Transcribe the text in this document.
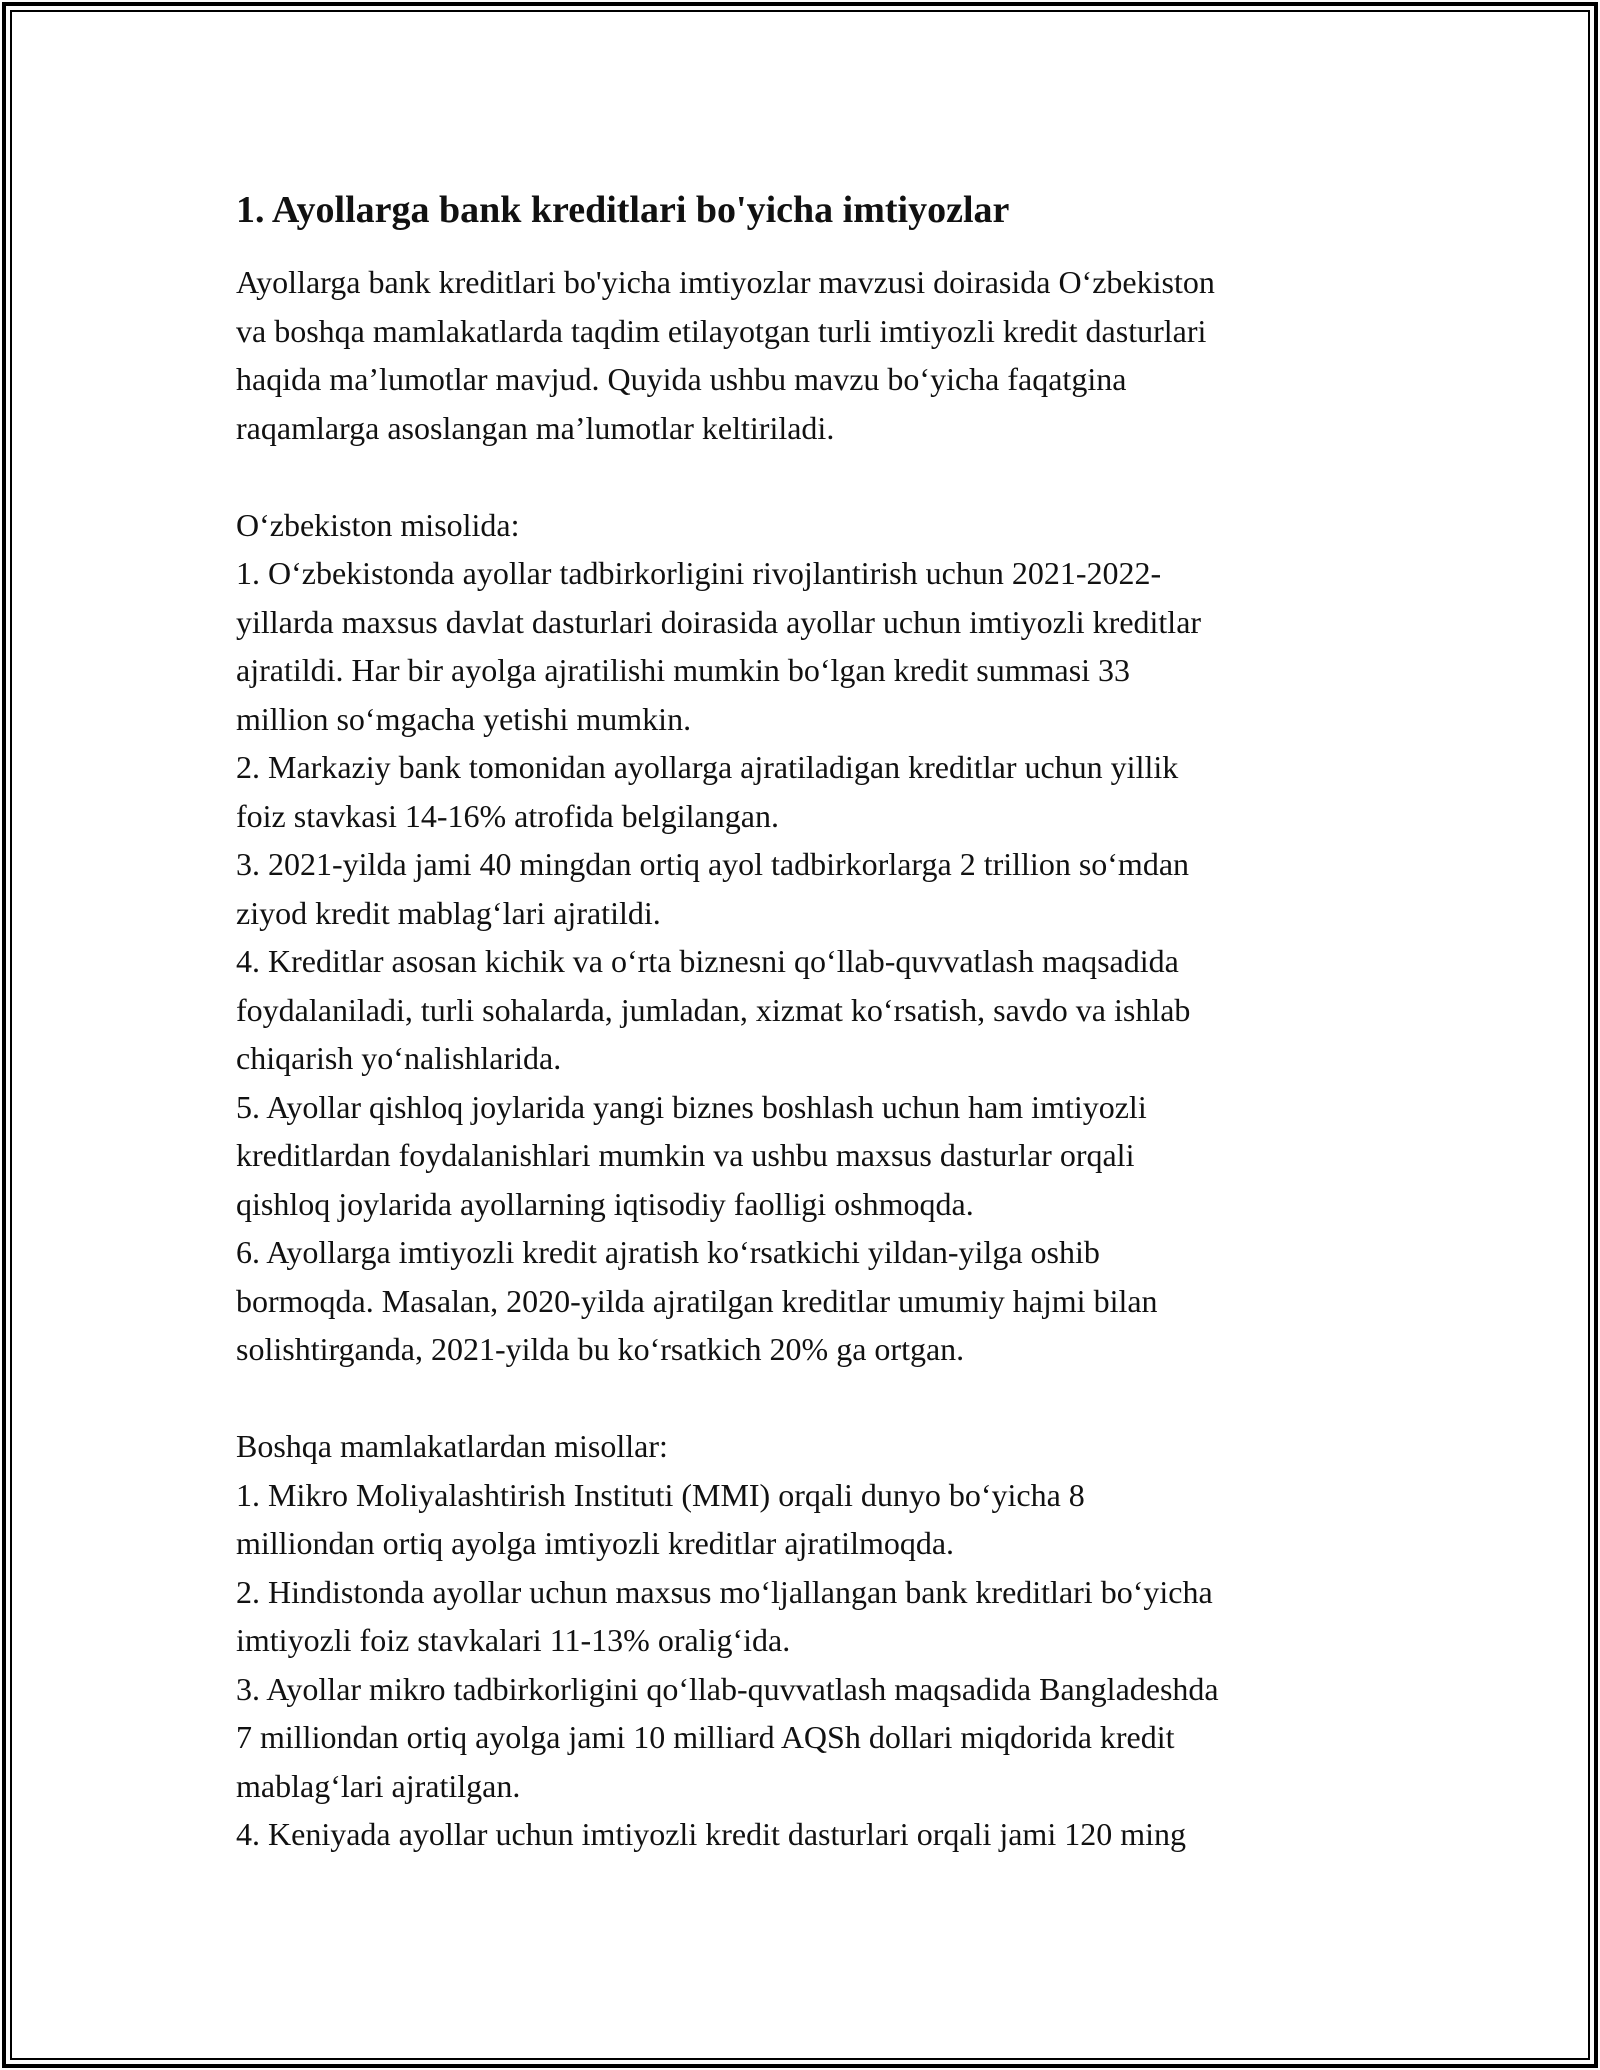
1. Ayollarga bank kreditlari bo'yicha imtiyozlar
Ayollarga bank kreditlari bo'yicha imtiyozlar mavzusi doirasida O‘zbekiston
va boshqa mamlakatlarda taqdim etilayotgan turli imtiyozli kredit dasturlari
haqida ma’lumotlar mavjud. Quyida ushbu mavzu bo‘yicha faqatgina
raqamlarga asoslangan ma’lumotlar keltiriladi.
O‘zbekiston misolida:
1. O‘zbekistonda ayollar tadbirkorligini rivojlantirish uchun 2021-2022-
yillarda maxsus davlat dasturlari doirasida ayollar uchun imtiyozli kreditlar
ajratildi. Har bir ayolga ajratilishi mumkin bo‘lgan kredit summasi 33
million so‘mgacha yetishi mumkin.
2. Markaziy bank tomonidan ayollarga ajratiladigan kreditlar uchun yillik
foiz stavkasi 14-16% atrofida belgilangan.
3. 2021-yilda jami 40 mingdan ortiq ayol tadbirkorlarga 2 trillion so‘mdan
ziyod kredit mablag‘lari ajratildi.
4. Kreditlar asosan kichik va o‘rta biznesni qo‘llab-quvvatlash maqsadida
foydalaniladi, turli sohalarda, jumladan, xizmat ko‘rsatish, savdo va ishlab
chiqarish yo‘nalishlarida.
5. Ayollar qishloq joylarida yangi biznes boshlash uchun ham imtiyozli
kreditlardan foydalanishlari mumkin va ushbu maxsus dasturlar orqali
qishloq joylarida ayollarning iqtisodiy faolligi oshmoqda.
6. Ayollarga imtiyozli kredit ajratish ko‘rsatkichi yildan-yilga oshib
bormoqda. Masalan, 2020-yilda ajratilgan kreditlar umumiy hajmi bilan
solishtirganda, 2021-yilda bu ko‘rsatkich 20% ga ortgan.
Boshqa mamlakatlardan misollar:
1. Mikro Moliyalashtirish Instituti (MMI) orqali dunyo bo‘yicha 8
milliondan ortiq ayolga imtiyozli kreditlar ajratilmoqda.
2. Hindistonda ayollar uchun maxsus mo‘ljallangan bank kreditlari bo‘yicha
imtiyozli foiz stavkalari 11-13% oralig‘ida.
3. Ayollar mikro tadbirkorligini qo‘llab-quvvatlash maqsadida Bangladeshda
7 milliondan ortiq ayolga jami 10 milliard AQSh dollari miqdorida kredit
mablag‘lari ajratilgan.
4. Keniyada ayollar uchun imtiyozli kredit dasturlari orqali jami 120 ming
